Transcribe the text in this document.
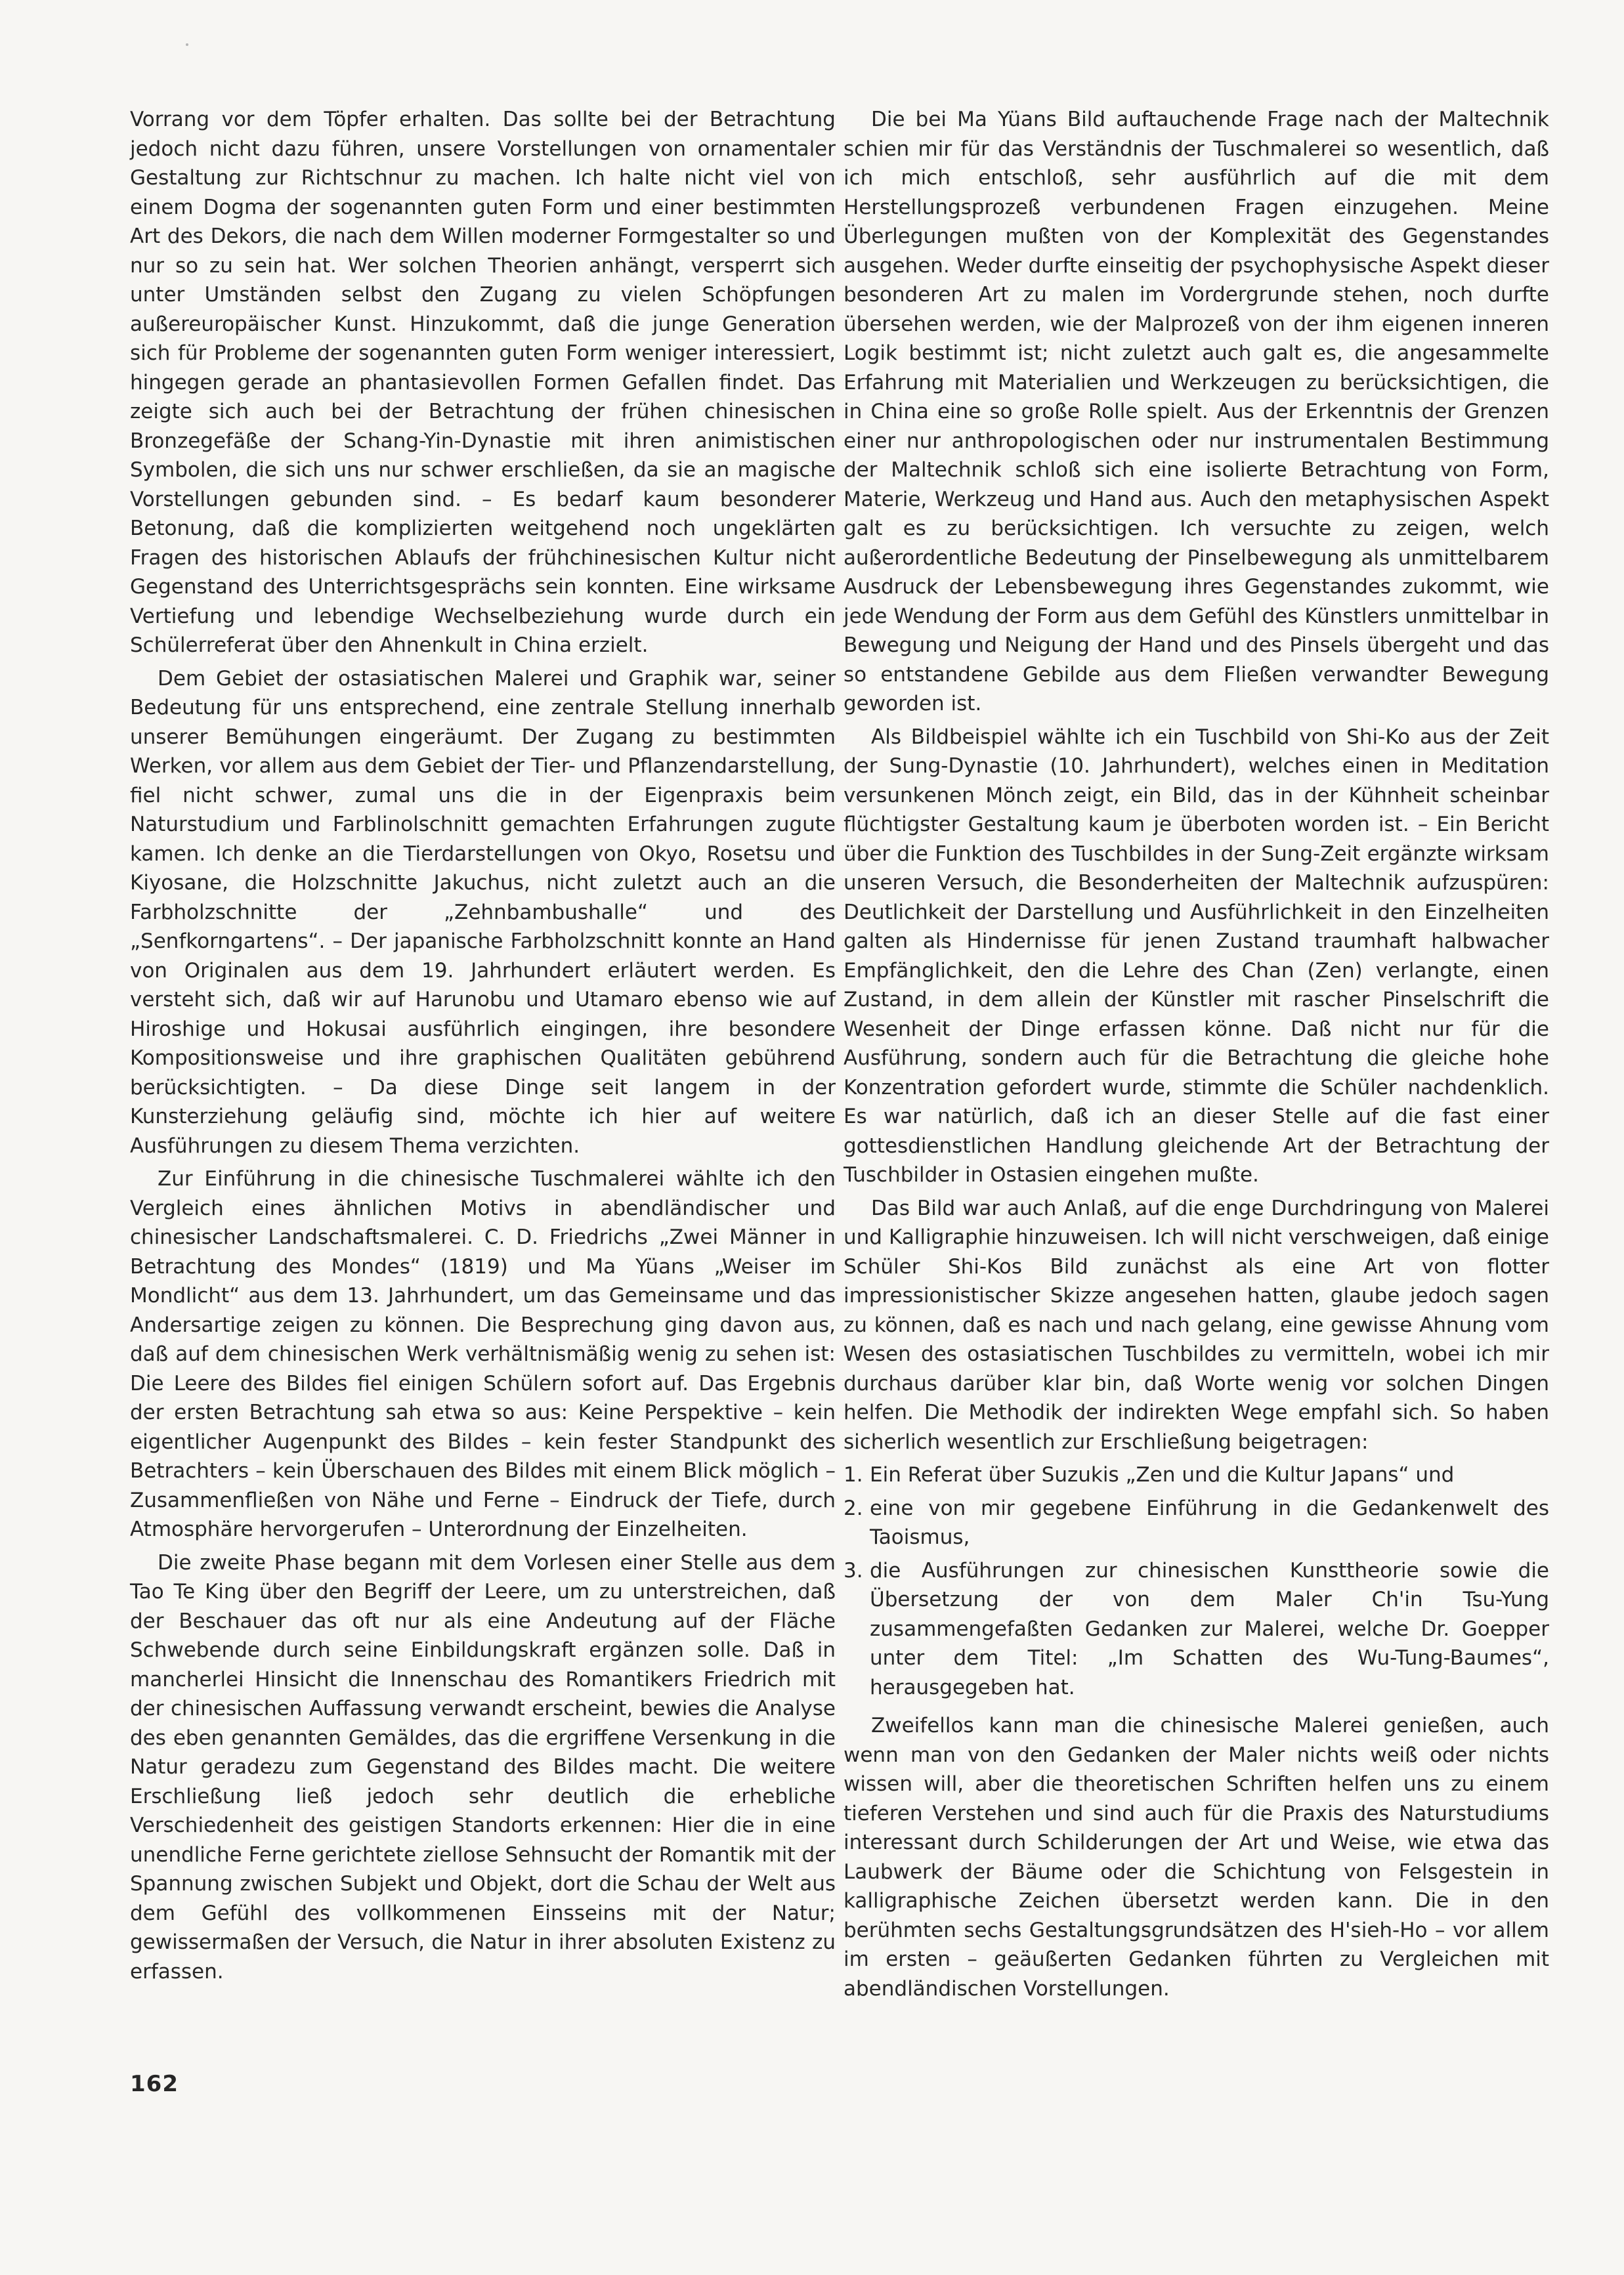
Vorrang vor dem Töpfer erhalten. Das sollte bei der Betrachtung jedoch nicht dazu führen, unsere Vorstellungen von ornamentaler Gestaltung zur Richtschnur zu machen. Ich halte nicht viel von einem Dogma der sogenannten guten Form und einer bestimmten Art des Dekors, die nach dem Willen moderner Formgestalter so und nur so zu sein hat. Wer solchen Theorien anhängt, versperrt sich unter Umständen selbst den Zugang zu vielen Schöpfungen außereuropäischer Kunst. Hinzukommt, daß die junge Generation sich für Probleme der sogenannten guten Form weniger interessiert, hingegen gerade an phantasievollen Formen Gefallen findet. Das zeigte sich auch bei der Betrachtung der frühen chinesischen Bronzegefäße der Schang-Yin-Dynastie mit ihren animistischen Symbolen, die sich uns nur schwer erschließen, da sie an magische Vorstellungen gebunden sind. – Es bedarf kaum besonderer Betonung, daß die komplizierten weitgehend noch ungeklärten Fragen des historischen Ablaufs der frühchinesischen Kultur nicht Gegenstand des Unterrichtsgesprächs sein konnten. Eine wirksame Vertiefung und lebendige Wechselbeziehung wurde durch ein Schülerreferat über den Ahnenkult in China erzielt.

Dem Gebiet der ostasiatischen Malerei und Graphik war, seiner Bedeutung für uns entsprechend, eine zentrale Stellung innerhalb unserer Bemühungen eingeräumt. Der Zugang zu bestimmten Werken, vor allem aus dem Gebiet der Tier- und Pflanzendarstellung, fiel nicht schwer, zumal uns die in der Eigenpraxis beim Naturstudium und Farblinolschnitt gemachten Erfahrungen zugute kamen. Ich denke an die Tierdarstellungen von Okyo, Rosetsu und Kiyosane, die Holzschnitte Jakuchus, nicht zuletzt auch an die Farbholzschnitte der „Zehnbambushalle“ und des „Senfkorngartens“. – Der japanische Farbholzschnitt konnte an Hand von Originalen aus dem 19. Jahrhundert erläutert werden. Es versteht sich, daß wir auf Harunobu und Utamaro ebenso wie auf Hiroshige und Hokusai ausführlich eingingen, ihre besondere Kompositionsweise und ihre graphischen Qualitäten gebührend berücksichtigten. – Da diese Dinge seit langem in der Kunsterziehung geläufig sind, möchte ich hier auf weitere Ausführungen zu diesem Thema verzichten.

Zur Einführung in die chinesische Tuschmalerei wählte ich den Vergleich eines ähnlichen Motivs in abendländischer und chinesischer Landschaftsmalerei. C. D. Friedrichs „Zwei Männer in Betrachtung des Mondes“ (1819) und Ma Yüans „Weiser im Mondlicht“ aus dem 13. Jahrhundert, um das Gemeinsame und das Andersartige zeigen zu können. Die Besprechung ging davon aus, daß auf dem chinesischen Werk verhältnismäßig wenig zu sehen ist: Die Leere des Bildes fiel einigen Schülern sofort auf. Das Ergebnis der ersten Betrachtung sah etwa so aus: Keine Perspektive – kein eigentlicher Augenpunkt des Bildes – kein fester Standpunkt des Betrachters – kein Überschauen des Bildes mit einem Blick möglich – Zusammenfließen von Nähe und Ferne – Eindruck der Tiefe, durch Atmosphäre hervorgerufen – Unterordnung der Einzelheiten.

Die zweite Phase begann mit dem Vorlesen einer Stelle aus dem Tao Te King über den Begriff der Leere, um zu unterstreichen, daß der Beschauer das oft nur als eine Andeutung auf der Fläche Schwebende durch seine Einbildungskraft ergänzen solle. Daß in mancherlei Hinsicht die Innenschau des Romantikers Friedrich mit der chinesischen Auffassung verwandt erscheint, bewies die Analyse des eben genannten Gemäldes, das die ergriffene Versenkung in die Natur geradezu zum Gegenstand des Bildes macht. Die weitere Erschließung ließ jedoch sehr deutlich die erhebliche Verschiedenheit des geistigen Standorts erkennen: Hier die in eine unendliche Ferne gerichtete ziellose Sehnsucht der Romantik mit der Spannung zwischen Subjekt und Objekt, dort die Schau der Welt aus dem Gefühl des vollkommenen Einsseins mit der Natur; gewissermaßen der Versuch, die Natur in ihrer absoluten Existenz zu erfassen.

Die bei Ma Yüans Bild auftauchende Frage nach der Maltechnik schien mir für das Verständnis der Tuschmalerei so wesentlich, daß ich mich entschloß, sehr ausführlich auf die mit dem Herstellungsprozeß verbundenen Fragen einzugehen. Meine Überlegungen mußten von der Komplexität des Gegenstandes ausgehen. Weder durfte einseitig der psychophysische Aspekt dieser besonderen Art zu malen im Vordergrunde stehen, noch durfte übersehen werden, wie der Malprozeß von der ihm eigenen inneren Logik bestimmt ist; nicht zuletzt auch galt es, die angesammelte Erfahrung mit Materialien und Werkzeugen zu berücksichtigen, die in China eine so große Rolle spielt. Aus der Erkenntnis der Grenzen einer nur anthropologischen oder nur instrumentalen Bestimmung der Maltechnik schloß sich eine isolierte Betrachtung von Form, Materie, Werkzeug und Hand aus. Auch den metaphysischen Aspekt galt es zu berücksichtigen. Ich versuchte zu zeigen, welch außerordentliche Bedeutung der Pinselbewegung als unmittelbarem Ausdruck der Lebensbewegung ihres Gegenstandes zukommt, wie jede Wendung der Form aus dem Gefühl des Künstlers unmittelbar in Bewegung und Neigung der Hand und des Pinsels übergeht und das so entstandene Gebilde aus dem Fließen verwandter Bewegung geworden ist.

Als Bildbeispiel wählte ich ein Tuschbild von Shi-Ko aus der Zeit der Sung-Dynastie (10. Jahrhundert), welches einen in Meditation versunkenen Mönch zeigt, ein Bild, das in der Kühnheit scheinbar flüchtigster Gestaltung kaum je überboten worden ist. – Ein Bericht über die Funktion des Tuschbildes in der Sung-Zeit ergänzte wirksam unseren Versuch, die Besonderheiten der Maltechnik aufzuspüren: Deutlichkeit der Darstellung und Ausführlichkeit in den Einzelheiten galten als Hindernisse für jenen Zustand traumhaft halbwacher Empfänglichkeit, den die Lehre des Chan (Zen) verlangte, einen Zustand, in dem allein der Künstler mit rascher Pinselschrift die Wesenheit der Dinge erfassen könne. Daß nicht nur für die Ausführung, sondern auch für die Betrachtung die gleiche hohe Konzentration gefordert wurde, stimmte die Schüler nachdenklich. Es war natürlich, daß ich an dieser Stelle auf die fast einer gottesdienstlichen Handlung gleichende Art der Betrachtung der Tuschbilder in Ostasien eingehen mußte.

Das Bild war auch Anlaß, auf die enge Durchdringung von Malerei und Kalligraphie hinzuweisen. Ich will nicht verschweigen, daß einige Schüler Shi-Kos Bild zunächst als eine Art von flotter impressionistischer Skizze angesehen hatten, glaube jedoch sagen zu können, daß es nach und nach gelang, eine gewisse Ahnung vom Wesen des ostasiatischen Tuschbildes zu vermitteln, wobei ich mir durchaus darüber klar bin, daß Worte wenig vor solchen Dingen helfen. Die Methodik der indirekten Wege empfahl sich. So haben sicherlich wesentlich zur Erschließung beigetragen:

1. Ein Referat über Suzukis „Zen und die Kultur Japans“ und
2. eine von mir gegebene Einführung in die Gedankenwelt des Taoismus,
3. die Ausführungen zur chinesischen Kunsttheorie sowie die Übersetzung der von dem Maler Ch'in Tsu-Yung zusammengefaßten Gedanken zur Malerei, welche Dr. Goepper unter dem Titel: „Im Schatten des Wu-Tung-Baumes“, herausgegeben hat.

Zweifellos kann man die chinesische Malerei genießen, auch wenn man von den Gedanken der Maler nichts weiß oder nichts wissen will, aber die theoretischen Schriften helfen uns zu einem tieferen Verstehen und sind auch für die Praxis des Naturstudiums interessant durch Schilderungen der Art und Weise, wie etwa das Laubwerk der Bäume oder die Schichtung von Felsgestein in kalligraphische Zeichen übersetzt werden kann. Die in den berühmten sechs Gestaltungsgrundsätzen des H'sieh-Ho – vor allem im ersten – geäußerten Gedanken führten zu Vergleichen mit abendländischen Vorstellungen.

162
